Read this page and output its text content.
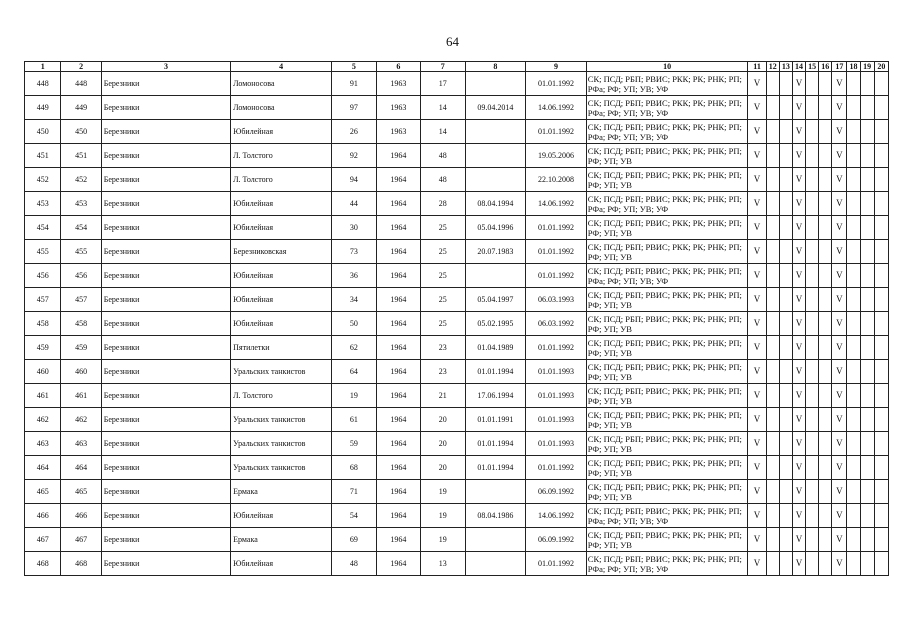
64
1	2	3	4	5	6	7	8	9	10	11	12	13	14	15	16	17	18	19	20
448	448	Березники	Ломоносова	91	1963	17		01.01.1992	СК; ПСД; РБП; РВИС; РКК; РК; РНК; РП; РФа; РФ; УП; УВ; УФ	V			V			V			
449	449	Березники	Ломоносова	97	1963	14	09.04.2014	14.06.1992	СК; ПСД; РБП; РВИС; РКК; РК; РНК; РП; РФа; РФ; УП; УВ; УФ	V			V			V			
450	450	Березники	Юбилейная	26	1963	14		01.01.1992	СК; ПСД; РБП; РВИС; РКК; РК; РНК; РП; РФа; РФ; УП; УВ; УФ	V			V			V			
451	451	Березники	Л. Толстого	92	1964	48		19.05.2006	СК; ПСД; РБП; РВИС; РКК; РК; РНК; РП; РФ; УП; УВ	V			V			V			
452	452	Березники	Л. Толстого	94	1964	48		22.10.2008	СК; ПСД; РБП; РВИС; РКК; РК; РНК; РП; РФ; УП; УВ	V			V			V			
453	453	Березники	Юбилейная	44	1964	28	08.04.1994	14.06.1992	СК; ПСД; РБП; РВИС; РКК; РК; РНК; РП; РФа; РФ; УП; УВ; УФ	V			V			V			
454	454	Березники	Юбилейная	30	1964	25	05.04.1996	01.01.1992	СК; ПСД; РБП; РВИС; РКК; РК; РНК; РП; РФ; УП; УВ	V			V			V			
455	455	Березники	Березниковская	73	1964	25	20.07.1983	01.01.1992	СК; ПСД; РБП; РВИС; РКК; РК; РНК; РП; РФ; УП; УВ	V			V			V			
456	456	Березники	Юбилейная	36	1964	25		01.01.1992	СК; ПСД; РБП; РВИС; РКК; РК; РНК; РП; РФа; РФ; УП; УВ; УФ	V			V			V			
457	457	Березники	Юбилейная	34	1964	25	05.04.1997	06.03.1993	СК; ПСД; РБП; РВИС; РКК; РК; РНК; РП; РФ; УП; УВ	V			V			V			
458	458	Березники	Юбилейная	50	1964	25	05.02.1995	06.03.1992	СК; ПСД; РБП; РВИС; РКК; РК; РНК; РП; РФ; УП; УВ	V			V			V			
459	459	Березники	Пятилетки	62	1964	23	01.04.1989	01.01.1992	СК; ПСД; РБП; РВИС; РКК; РК; РНК; РП; РФ; УП; УВ	V			V			V			
460	460	Березники	Уральских танкистов	64	1964	23	01.01.1994	01.01.1993	СК; ПСД; РБП; РВИС; РКК; РК; РНК; РП; РФ; УП; УВ	V			V			V			
461	461	Березники	Л. Толстого	19	1964	21	17.06.1994	01.01.1993	СК; ПСД; РБП; РВИС; РКК; РК; РНК; РП; РФ; УП; УВ	V			V			V			
462	462	Березники	Уральских танкистов	61	1964	20	01.01.1991	01.01.1993	СК; ПСД; РБП; РВИС; РКК; РК; РНК; РП; РФ; УП; УВ	V			V			V			
463	463	Березники	Уральских танкистов	59	1964	20	01.01.1994	01.01.1993	СК; ПСД; РБП; РВИС; РКК; РК; РНК; РП; РФ; УП; УВ	V			V			V			
464	464	Березники	Уральских танкистов	68	1964	20	01.01.1994	01.01.1992	СК; ПСД; РБП; РВИС; РКК; РК; РНК; РП; РФ; УП; УВ	V			V			V			
465	465	Березники	Ермака	71	1964	19		06.09.1992	СК; ПСД; РБП; РВИС; РКК; РК; РНК; РП; РФ; УП; УВ	V			V			V			
466	466	Березники	Юбилейная	54	1964	19	08.04.1986	14.06.1992	СК; ПСД; РБП; РВИС; РКК; РК; РНК; РП; РФа; РФ; УП; УВ; УФ	V			V			V			
467	467	Березники	Ермака	69	1964	19		06.09.1992	СК; ПСД; РБП; РВИС; РКК; РК; РНК; РП; РФ; УП; УВ	V			V			V			
468	468	Березники	Юбилейная	48	1964	13		01.01.1992	СК; ПСД; РБП; РВИС; РКК; РК; РНК; РП; РФа; РФ; УП; УВ; УФ	V			V			V			
